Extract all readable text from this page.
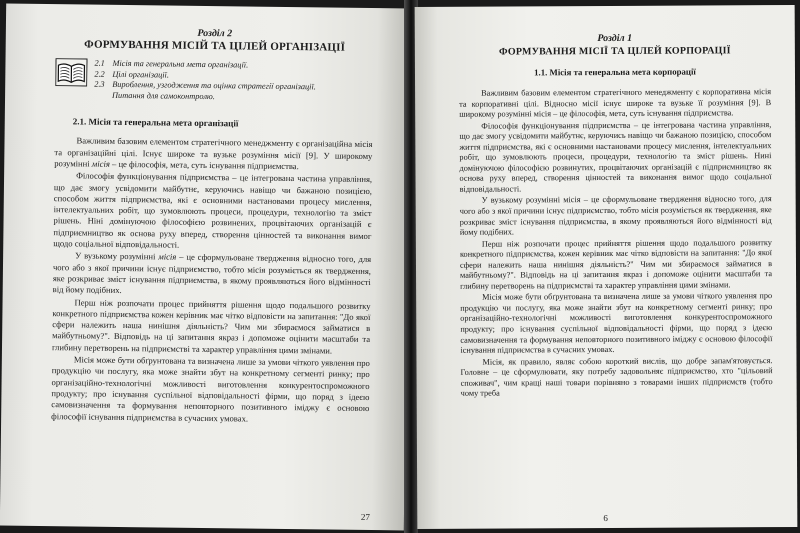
Розділ 2
ФОРМУВАННЯ МІСІЙ ТА ЦІЛЕЙ ОРГАНІЗАЦІЇ
2.1 Місія та генеральна мета організації.
2.2 Цілі організації.
2.3 Вироблення, узгодження та оцінка стратегії організації.
Питання для самоконтролю.
2.1. Місія та генеральна мета організації

Важливим базовим елементом стратегічного менеджменту є організаційна місія та організаційні цілі. Існує широке та вузьке розуміння місії [9]. У широкому розумінні місія – це філософія, мета, суть існування підприємства.

Філософія функціонування підприємства – це інтегрована частина управління, що дає змогу усвідомити майбутнє, керуючись навіщо чи бажаною позицією, способом життя підприємства, які є основними настановами процесу мислення, інтелектуальних робіт, що зумовлюють процеси, процедури, технологію та зміст рішень. Ніні домінуючою філософією розвинених, процвітаючих організацій є підприємництво як основа руху вперед, створення цінностей та виконання вимог щодо соціальної відповідальності.

У вузькому розумінні місія – це сформульоване твердження відносно того, для чого або з якої причини існує підприємство, тобто місія розуміється як твердження, яке розкриває зміст існування підприємства, в якому проявляються його відмінності від йому подібних.

Перш ніж розпочати процес прийняття рішення щодо подальшого розвитку конкретного підприємства кожен керівник має чітко відповісти на запитання: "До якої сфери належить наша нинішня діяльність? Чим ми збираємося займатися в майбутньому?". Відповідь на ці запитання якраз і допоможе оцінити масштаби та глибину перетворень на підприємстві та характер управління цими змінами.

Місія може бути обґрунтована та визначена лише за умови чіткого уявлення про продукцію чи послугу, яка може знайти збут на конкретному сегменті ринку; про організаційно-технологічні можливості виготовлення конкурентоспроможного продукту; про існування суспільної відповідальності фірми, що поряд з ідеєю самовизначення та формування неповторного позитивного іміджу є основою філософії існування підприємства в сучасних умовах.

27
Розділ 1
ФОРМУВАННЯ МІСІЇ ТА ЦІЛЕЙ КОРПОРАЦІЇ
1.1. Місія та генеральна мета корпорації

Важливим базовим елементом стратегічного менеджменту є корпоративна місія та корпоративні цілі. Відносно місії існує широке та вузьке її розуміння [9]. В широкому розумінні місія – це філософія, мета, суть існування підприємства.

Філософія функціонування підприємства – це інтегрована частина управління, що дає змогу усвідомити майбутнє, керуючись навіщо чи бажаною позицією, способом життя підприємства, які є основними настановами процесу мислення, інтелектуальних робіт, що зумовлюють процеси, процедури, технологію та зміст рішень. Нині домінуючою філософією розвинутих, процвітаючих організацій є підприємництво як основа руху вперед, створення цінностей та виконання вимог щодо соціальної відповідальності.

У вузькому розумінні місія – це сформульоване твердження відносно того, для чого або з якої причини існує підприємство, тобто місія розуміється як твердження, яке розкриває зміст існування підприємства, в якому проявляються його відмінності від йому подібних.

Перш ніж розпочати процес прийняття рішення щодо подальшого розвитку конкретного підприємства, кожен керівник має чітко відповісти на запитання: "До якої сфери належить наша нинішня діяльність?" Чим ми збираємося займатися в майбутньому?". Відповідь на ці запитання якраз і допоможе оцінити масштаби та глибину перетворень на підприємстві та характер управління цими змінами.

Місія може бути обґрунтована та визначена лише за умови чіткого уявлення про продукцію чи послугу, яка може знайти збут на конкретному сегменті ринку; про організаційно-технологічні можливості виготовлення конкурентоспроможного продукту; про існування суспільної відповідальності фірми, що поряд з ідеєю самовизначення та формування неповторного позитивного іміджу є основою філософії існування підприємства в сучасних умовах.

Місія, як правило, являє собою короткий вислів, що добре запам'ятовується. Головне – це сформулювати, яку потребу задовольняє підприємство, хто "цільовий споживач", чим кращі наші товари порівняно з товарами інших підприємств (тобто чому треба

6
